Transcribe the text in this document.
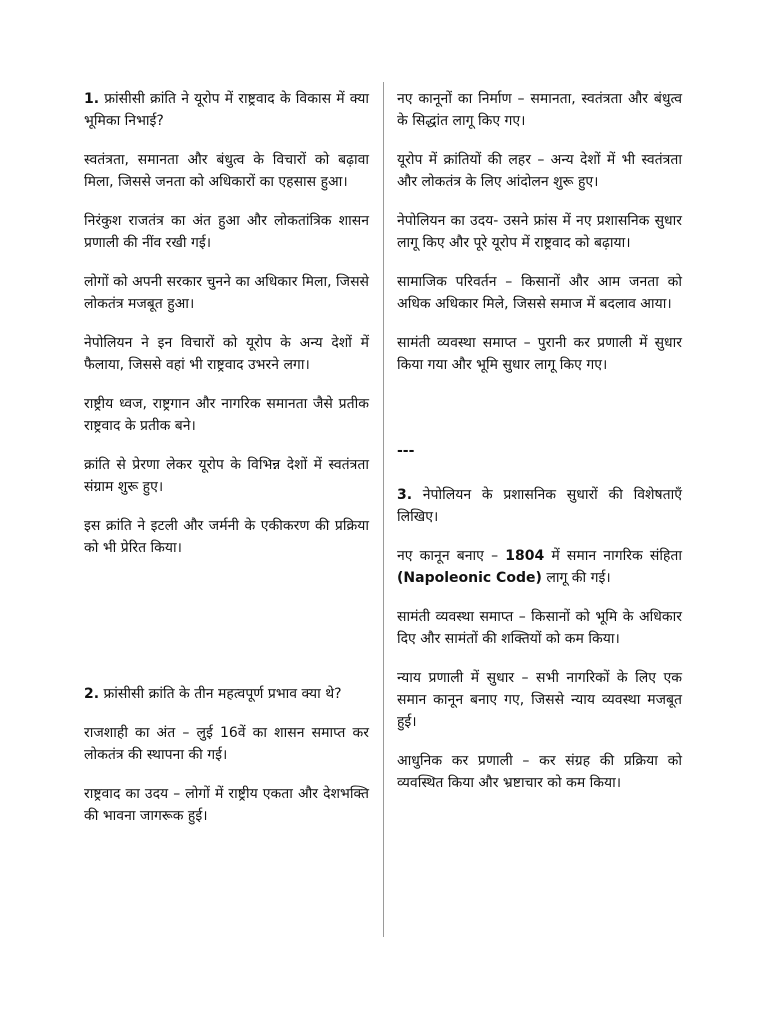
1. फ्रांसीसी क्रांति ने यूरोप में राष्ट्रवाद के विकास में क्या भूमिका निभाई?

स्वतंत्रता, समानता और बंधुत्व के विचारों को बढ़ावा मिला, जिससे जनता को अधिकारों का एहसास हुआ।

निरंकुश राजतंत्र का अंत हुआ और लोकतांत्रिक शासन प्रणाली की नींव रखी गई।

लोगों को अपनी सरकार चुनने का अधिकार मिला, जिससे लोकतंत्र मजबूत हुआ।

नेपोलियन ने इन विचारों को यूरोप के अन्य देशों में फैलाया, जिससे वहां भी राष्ट्रवाद उभरने लगा।

राष्ट्रीय ध्वज, राष्ट्रगान और नागरिक समानता जैसे प्रतीक राष्ट्रवाद के प्रतीक बने।

क्रांति से प्रेरणा लेकर यूरोप के विभिन्न देशों में स्वतंत्रता संग्राम शुरू हुए।

इस क्रांति ने इटली और जर्मनी के एकीकरण की प्रक्रिया को भी प्रेरित किया।

2. फ्रांसीसी क्रांति के तीन महत्वपूर्ण प्रभाव क्या थे?

राजशाही का अंत – लुई 16वें का शासन समाप्त कर लोकतंत्र की स्थापना की गई।

राष्ट्रवाद का उदय – लोगों में राष्ट्रीय एकता और देशभक्ति की भावना जागरूक हुई।

नए कानूनों का निर्माण – समानता, स्वतंत्रता और बंधुत्व के सिद्धांत लागू किए गए।

यूरोप में क्रांतियों की लहर – अन्य देशों में भी स्वतंत्रता और लोकतंत्र के लिए आंदोलन शुरू हुए।

नेपोलियन का उदय- उसने फ्रांस में नए प्रशासनिक सुधार लागू किए और पूरे यूरोप में राष्ट्रवाद को बढ़ाया।

सामाजिक परिवर्तन – किसानों और आम जनता को अधिक अधिकार मिले, जिससे समाज में बदलाव आया।

सामंती व्यवस्था समाप्त – पुरानी कर प्रणाली में सुधार किया गया और भूमि सुधार लागू किए गए।

---

3. नेपोलियन के प्रशासनिक सुधारों की विशेषताएँ लिखिए।

नए कानून बनाए – 1804 में समान नागरिक संहिता (Napoleonic Code) लागू की गई।

सामंती व्यवस्था समाप्त – किसानों को भूमि के अधिकार दिए और सामंतों की शक्तियों को कम किया।

न्याय प्रणाली में सुधार – सभी नागरिकों के लिए एक समान कानून बनाए गए, जिससे न्याय व्यवस्था मजबूत हुई।

आधुनिक कर प्रणाली – कर संग्रह की प्रक्रिया को व्यवस्थित किया और भ्रष्टाचार को कम किया।
